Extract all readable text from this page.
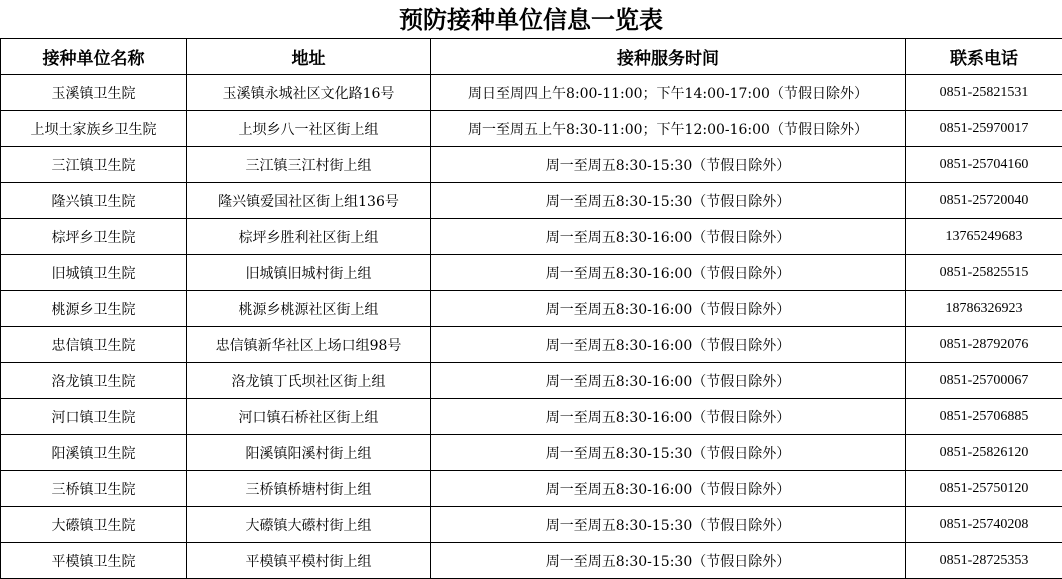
预防接种单位信息一览表
接种单位名称	地址	接种服务时间	联系电话
玉溪镇卫生院	玉溪镇永城社区文化路16号	周日至周四上午8:00-11:00；下午14:00-17:00（节假日除外）	0851-25821531
上坝土家族乡卫生院	上坝乡八一社区街上组	周一至周五上午8:30-11:00；下午12:00-16:00（节假日除外）	0851-25970017
三江镇卫生院	三江镇三江村街上组	周一至周五8:30-15:30（节假日除外）	0851-25704160
隆兴镇卫生院	隆兴镇爱国社区街上组136号	周一至周五8:30-15:30（节假日除外）	0851-25720040
棕坪乡卫生院	棕坪乡胜利社区街上组	周一至周五8:30-16:00（节假日除外）	13765249683
旧城镇卫生院	旧城镇旧城村街上组	周一至周五8:30-16:00（节假日除外）	0851-25825515
桃源乡卫生院	桃源乡桃源社区街上组	周一至周五8:30-16:00（节假日除外）	18786326923
忠信镇卫生院	忠信镇新华社区上场口组98号	周一至周五8:30-16:00（节假日除外）	0851-28792076
洛龙镇卫生院	洛龙镇丁氏坝社区街上组	周一至周五8:30-16:00（节假日除外）	0851-25700067
河口镇卫生院	河口镇石桥社区街上组	周一至周五8:30-16:00（节假日除外）	0851-25706885
阳溪镇卫生院	阳溪镇阳溪村街上组	周一至周五8:30-15:30（节假日除外）	0851-25826120
三桥镇卫生院	三桥镇桥塘村街上组	周一至周五8:30-16:00（节假日除外）	0851-25750120
大礤镇卫生院	大礤镇大礤村街上组	周一至周五8:30-15:30（节假日除外）	0851-25740208
平模镇卫生院	平模镇平模村街上组	周一至周五8:30-15:30（节假日除外）	0851-28725353
